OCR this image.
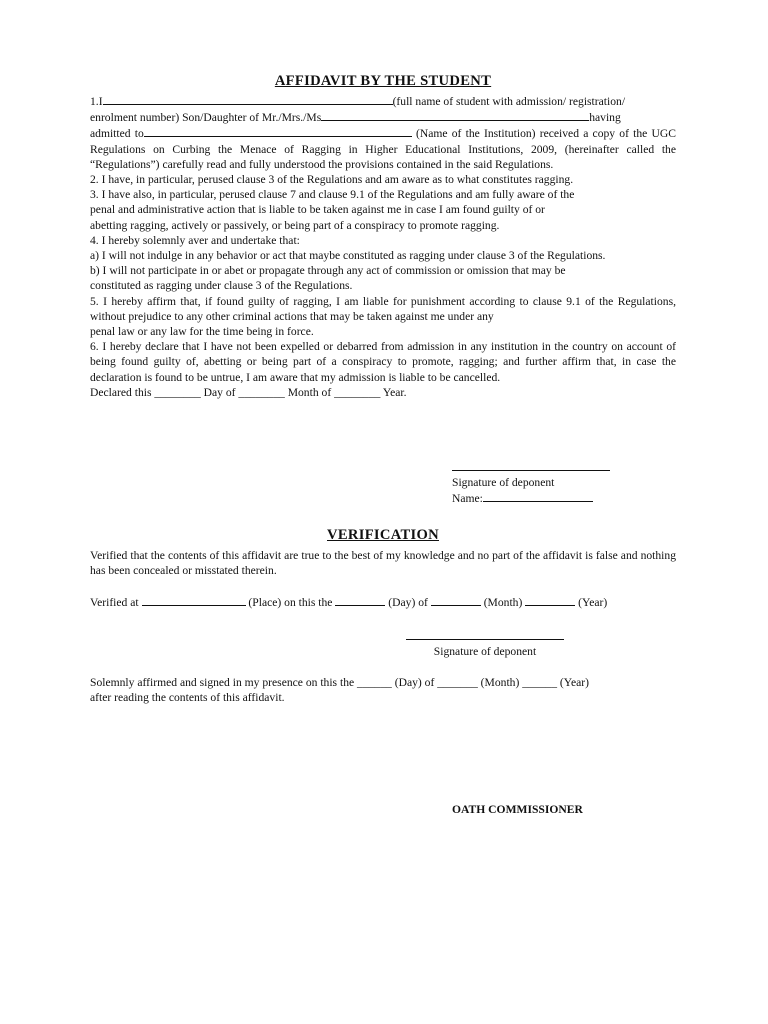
AFFIDAVIT BY THE STUDENT
1.I	(full name of student with admission/ registration/
enrolment number) Son/Daughter of Mr./Mrs./Ms	having
admitted to	(Name of the Institution) received a copy of the UGC Regulations on Curbing the Menace of Ragging in Higher Educational Institutions, 2009, (hereinafter called the “Regulations”) carefully read and fully understood the provisions contained in the said Regulations.

2. I have, in particular, perused clause 3 of the Regulations and am aware as to what constitutes ragging.

3. I have also, in particular, perused clause 7 and clause 9.1 of the Regulations and am fully aware of the

penal and administrative action that is liable to be taken against me in case I am found guilty of or

abetting ragging, actively or passively, or being part of a conspiracy to promote ragging.

4. I hereby solemnly aver and undertake that:

a) I will not indulge in any behavior or act that maybe constituted as ragging under clause 3 of the Regulations.

b) I will not participate in or abet or propagate through any act of commission or omission that may be

constituted as ragging under clause 3 of the Regulations.

5. I hereby affirm that, if found guilty of ragging, I am liable for punishment according to clause 9.1 of the Regulations, without prejudice to any other criminal actions that may be taken against me under any

penal law or any law for the time being in force.

6. I hereby declare that I have not been expelled or debarred from admission in any institution in the country on account of being found guilty of, abetting or being part of a conspiracy to promote, ragging; and further affirm that, in case the declaration is found to be untrue, I am aware that my admission is liable to be cancelled.

Declared this ________ Day of ________ Month of ________ Year.

Signature of deponent
Name:
VERIFICATION

Verified that the contents of this affidavit are true to the best of my knowledge and no part of the affidavit is false and nothing has been concealed or misstated therein.

Verified at	(Place) on this the	(Day) of	(Month)	(Year)
Signature of deponent

Solemnly affirmed and signed in my presence on this the ______ (Day) of _______ (Month) ______ (Year)

after reading the contents of this affidavit.

OATH COMMISSIONER
